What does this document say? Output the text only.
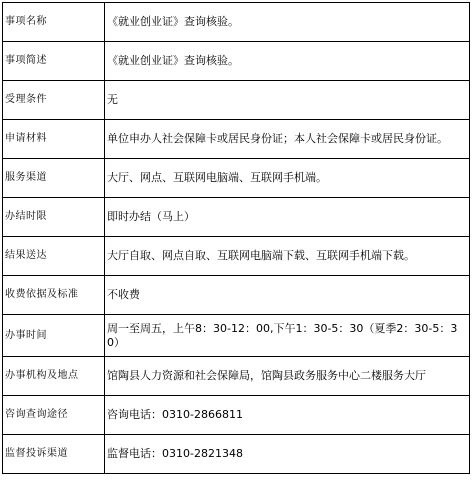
事项名称	《就业创业证》查询核验。
事项简述	《就业创业证》查询核验。
受理条件	无
申请材料	单位申办人社会保障卡或居民身份证；本人社会保障卡或居民身份证。
服务渠道	大厅、网点、互联网电脑端、互联网手机端。
办结时限	即时办结（马上）
结果送达	大厅自取、网点自取、互联网电脑端下载、互联网手机端下载。
收费依据及标准	不收费
办事时间	周一至周五，上午8：30-12：00,下午1：30-5：30（夏季2：30-5：30）
办事机构及地点	馆陶县人力资源和社会保障局，馆陶县政务服务中心二楼服务大厅
咨询查询途径	咨询电话：0310-2866811
监督投诉渠道	监督电话：0310-2821348
